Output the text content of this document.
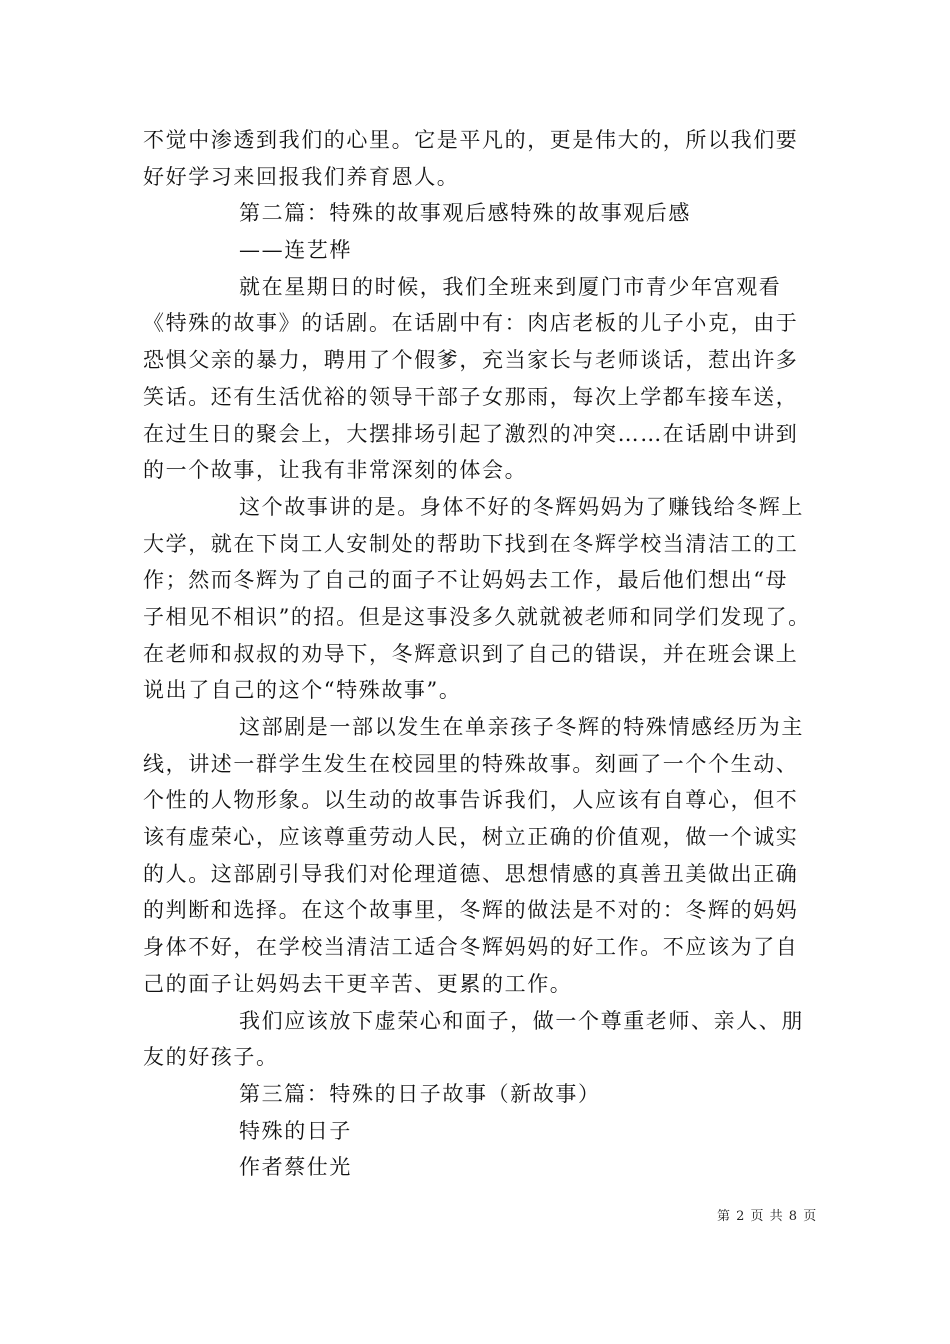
不觉中渗透到我们的心里。它是平凡的，更是伟大的，所以我们要
好好学习来回报我们养育恩人。
第二篇：特殊的故事观后感特殊的故事观后感
——连艺桦
就在星期日的时候，我们全班来到厦门市青少年宫观看
《特殊的故事》的话剧。在话剧中有：肉店老板的儿子小克，由于
恐惧父亲的暴力，聘用了个假爹，充当家长与老师谈话，惹出许多
笑话。还有生活优裕的领导干部子女那雨，每次上学都车接车送，
在过生日的聚会上，大摆排场引起了激烈的冲突……在话剧中讲到
的一个故事，让我有非常深刻的体会。
这个故事讲的是。身体不好的冬辉妈妈为了赚钱给冬辉上
大学，就在下岗工人安制处的帮助下找到在冬辉学校当清洁工的工
作；然而冬辉为了自己的面子不让妈妈去工作，最后他们想出“母
子相见不相识”的招。但是这事没多久就就被老师和同学们发现了。
在老师和叔叔的劝导下，冬辉意识到了自己的错误，并在班会课上
说出了自己的这个“特殊故事”。
这部剧是一部以发生在单亲孩子冬辉的特殊情感经历为主
线，讲述一群学生发生在校园里的特殊故事。刻画了一个个生动、
个性的人物形象。以生动的故事告诉我们，人应该有自尊心，但不
该有虚荣心，应该尊重劳动人民，树立正确的价值观，做一个诚实
的人。这部剧引导我们对伦理道德、思想情感的真善丑美做出正确
的判断和选择。在这个故事里，冬辉的做法是不对的：冬辉的妈妈
身体不好，在学校当清洁工适合冬辉妈妈的好工作。不应该为了自
己的面子让妈妈去干更辛苦、更累的工作。
我们应该放下虚荣心和面子，做一个尊重老师、亲人、朋
友的好孩子。
第三篇：特殊的日子故事（新故事）
特殊的日子
作者蔡仕光
第 2 页 共 8 页
